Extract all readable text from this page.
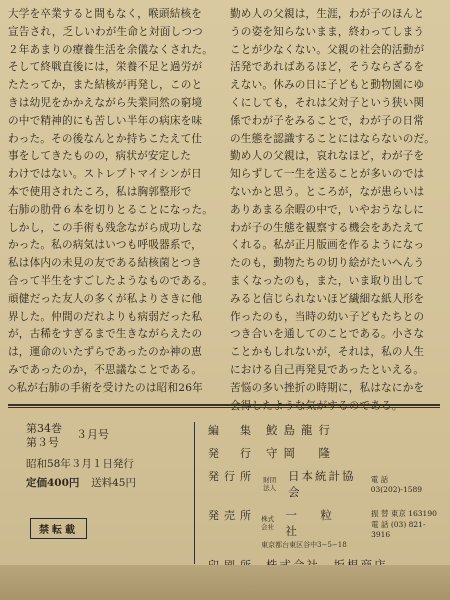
大学を卒業すると間もなく，喉頭結核を

宣告され，乏しいわが生命と対面しつつ

２年あまりの療養生活を余儀なくされた。

そして終戦直後には，栄養不足と過労が

たたってか，また結核が再発し，このと

きは幼児をかかえながら失業同然の窮境

の中で精神的にも苦しい半年の病床を味

わった。その後なんとか持ちこたえて仕

事をしてきたものの，病状が安定した

わけではない。ストレプトマイシンが日

本で使用されたころ，私は胸郭整形で

右肺の肋骨６本を切りとることになった。

しかし，この手術も残念ながら成功しな

かった。私の病気はいつも呼吸器系で，

私は体内の未見の友である結核菌とつき

合って半生をすごしたようなものである。

頑健だった友人の多くが私よりさきに他

界した。仲間のだれよりも病弱だった私

が，古稀をすぎるまで生きながらえたの

は，運命のいたずらであったのか神の恵

みであったのか，不思議なことである。

◇私が右肺の手術を受けたのは昭和26年

勤め人の父親は，生涯，わが子のほんと

うの姿を知らないまま，終わってしまう

ことが少なくない。父親の社会的活動が

活発であればあるほど，そうならざるを

えない。休みの日に子どもと動物園にゆ

くにしても，それは父対子という狭い関

係でわが子をみることで，わが子の日常

の生態を認識することにはならないのだ。

勤め人の父親は，哀れなほど，わが子を

知らずして一生を送ることが多いのでは

ないかと思う。ところが，なが患らいは

ありあまる余暇の中で，いやおうなしに

わが子の生態を観察する機会をあたえて

くれる。私が正月版画を作るようになっ

たのも，動物たちの切り絵がたいへんう

まくなったのも，また，いま取り出して

みると信じられないほど繊細な紙人形を

作ったのも，当時の幼い子どもたちとの

つき合いを通してのことである。小さな

ことかもしれないが，それは，私の人生

における自己再発見であったといえる。

苦悩の多い挫折の時期に，私はなにかを

会得したような気がするのである。

第34巻
第３号
３月号
昭和58年３月１日発行
定価400円 送料45円
禁転載
編　集 鮫島龍行
発　行 守岡　隆
発行所	財団法人
日本統計協会
電 話 03(202)-1589
発売所 株式会社
一　粒　社
振 替 東京 163190
電 話 (03) 821-3916
東京都台東区谷中3−5−18
